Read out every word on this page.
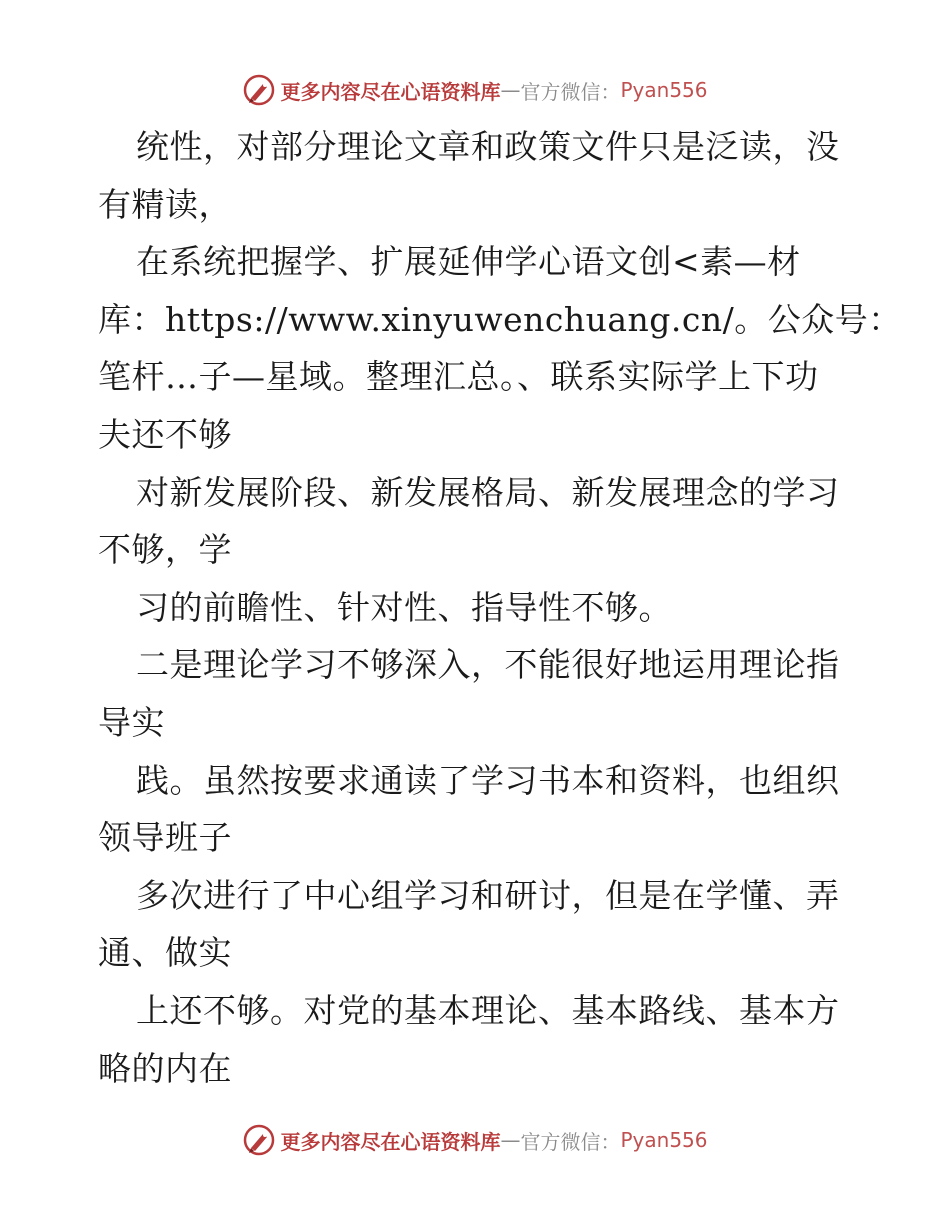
更多内容尽在心语资料库 — 官方微信： Pyan556
统性，对部分理论文章和政策文件只是泛读，没
有精读，
在系统把握学、扩展延伸学心语文创<素—材
库：https://www.xinyuwenchuang.cn/。公众号：
笔杆…子—星域。整理汇总。、联系实际学上下功
夫还不够
对新发展阶段、新发展格局、新发展理念的学习
不够，学
习的前瞻性、针对性、指导性不够。
二是理论学习不够深入，不能很好地运用理论指
导实
践。虽然按要求通读了学习书本和资料，也组织
领导班子
多次进行了中心组学习和研讨，但是在学懂、弄
通、做实
上还不够。对党的基本理论、基本路线、基本方
略的内在
更多内容尽在心语资料库 — 官方微信： Pyan556
